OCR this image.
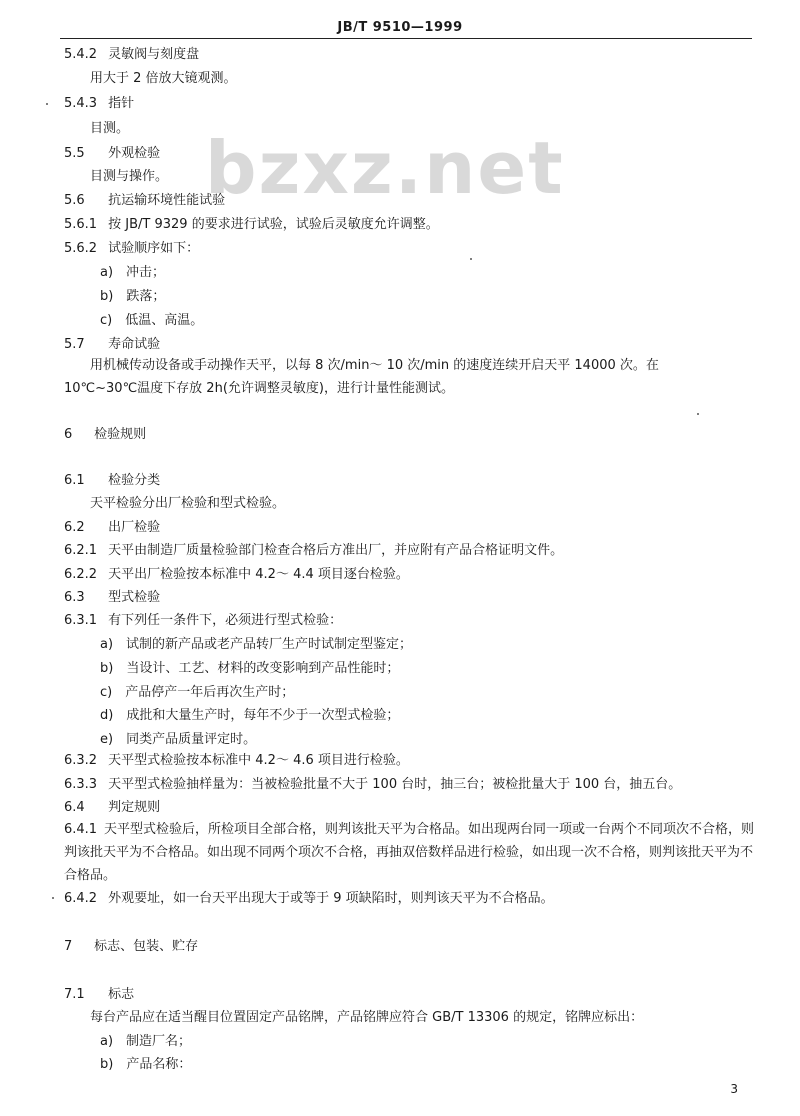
JB/T 9510—1999
bzxz.net
5.4.2 灵敏阀与刻度盘
用大于 2 倍放大镜观测。
5.4.3 指针
目测。
5.5 外观检验
目测与操作。
5.6 抗运输环境性能试验
5.6.1 按 JB/T 9329 的要求进行试验，试验后灵敏度允许调整。
5.6.2 试验顺序如下：
a)　冲击；
b)　跌落；
c)　低温、高温。
5.7 寿命试验
用机械传动设备或手动操作天平，以每 8 次/min～ 10 次/min 的速度连续开启天平 14000 次。在 10℃~30℃温度下存放 2h(允许调整灵敏度)，进行计量性能测试。
6 检验规则
6.1 检验分类
天平检验分出厂检验和型式检验。
6.2 出厂检验
6.2.1 天平由制造厂质量检验部门检查合格后方准出厂，并应附有产品合格证明文件。
6.2.2 天平出厂检验按本标准中 4.2～ 4.4 项目逐台检验。
6.3 型式检验
6.3.1 有下列任一条件下，必须进行型式检验：
a)　试制的新产品或老产品转厂生产时试制定型鉴定；
b)　当设计、工艺、材料的改变影响到产品性能时；
c)　产品停产一年后再次生产时；
d)　成批和大量生产时，每年不少于一次型式检验；
e)　同类产品质量评定时。
6.3.2 天平型式检验按本标准中 4.2～ 4.6 项目进行检验。
6.3.3 天平型式检验抽样量为：当被检验批量不大于 100 台时，抽三台；被检批量大于 100 台，抽五台。
6.4 判定规则
6.4.1 天平型式检验后，所检项目全部合格，则判该批天平为合格品。如出现两台同一项或一台两个不同项次不合格，则判该批天平为不合格品。如出现不同两个项次不合格，再抽双倍数样品进行检验，如出现一次不合格，则判该批天平为不合格品。
6.4.2 外观要址，如一台天平出现大于或等于 9 项缺陷时，则判该天平为不合格品。
7 标志、包装、贮存
7.1 标志
每台产品应在适当醒目位置固定产品铭牌，产品铭牌应符合 GB/T 13306 的规定，铭牌应标出：
a)　制造厂名；
b)　产品名称：
3
